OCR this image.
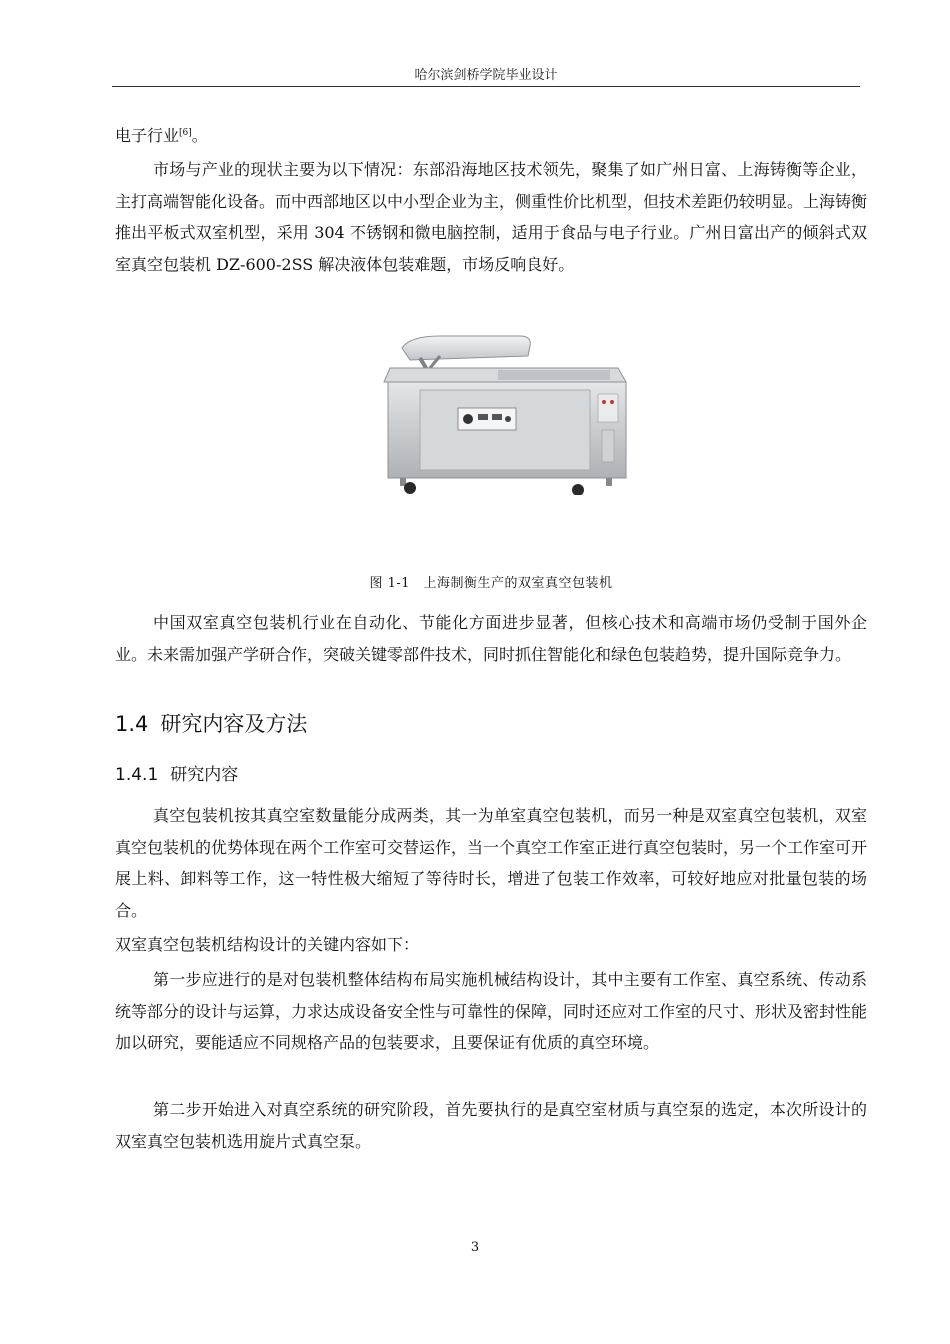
哈尔滨剑桥学院毕业设计

电子行业[6]。

市场与产业的现状主要为以下情况：东部沿海地区技术领先，聚集了如广州日富、上海铸衡等企业，主打高端智能化设备。而中西部地区以中小型企业为主，侧重性价比机型，但技术差距仍较明显。上海铸衡推出平板式双室机型，采用 304 不锈钢和微电脑控制，适用于食品与电子行业。广州日富出产的倾斜式双室真空包装机 DZ-600-2SS 解决液体包装难题，市场反响良好。

图 1-1　上海制衡生产的双室真空包装机

中国双室真空包装机行业在自动化、节能化方面进步显著，但核心技术和高端市场仍受制于国外企业。未来需加强产学研合作，突破关键零部件技术，同时抓住智能化和绿色包装趋势，提升国际竞争力。

1.4 研究内容及方法
1.4.1 研究内容

真空包装机按其真空室数量能分成两类，其一为单室真空包装机，而另一种是双室真空包装机，双室真空包装机的优势体现在两个工作室可交替运作，当一个真空工作室正进行真空包装时，另一个工作室可开展上料、卸料等工作，这一特性极大缩短了等待时长，增进了包装工作效率，可较好地应对批量包装的场合。

双室真空包装机结构设计的关键内容如下：

第一步应进行的是对包装机整体结构布局实施机械结构设计，其中主要有工作室、真空系统、传动系统等部分的设计与运算，力求达成设备安全性与可靠性的保障，同时还应对工作室的尺寸、形状及密封性能加以研究，要能适应不同规格产品的包装要求，且要保证有优质的真空环境。

第二步开始进入对真空系统的研究阶段，首先要执行的是真空室材质与真空泵的选定，本次所设计的双室真空包装机选用旋片式真空泵。

3
